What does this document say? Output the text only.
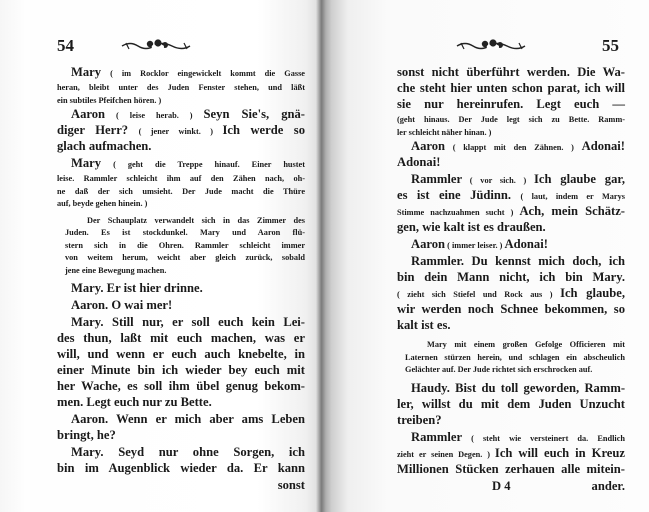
54
Mary ( im Rocklor eingewickelt kommt die Gasse
heran, bleibt unter des Juden Fenster stehen, und läßt
ein subtiles Pfeifchen hören. )
Aaron ( leise herab. ) Seyn Sie's, gnä-
diger Herr? ( jener winkt. ) Ich werde so
glach aufmachen.
Mary ( geht die Treppe hinauf. Einer hustet
leise. Rammler schleicht ihm auf den Zähen nach, oh-
ne daß der sich umsieht. Der Jude macht die Thüre
auf, beyde gehen hinein. )
Der Schauplatz verwandelt sich in das Zimmer des
Juden. Es ist stockdunkel. Mary und Aaron flü-
stern sich in die Ohren. Rammler schleicht immer
von weitem herum, weicht aber gleich zurück, sobald
jene eine Bewegung machen.
Mary. Er ist hier drinne.
Aaron. O wai mer!
Mary. Still nur, er soll euch kein Lei-
des thun, laßt mit euch machen, was er
will, und wenn er euch auch knebelte, in
einer Minute bin ich wieder bey euch mit
her Wache, es soll ihm übel genug bekom-
men. Legt euch nur zu Bette.
Aaron. Wenn er mich aber ams Leben
bringt, he?
Mary. Seyd nur ohne Sorgen, ich
bin im Augenblick wieder da. Er kann
sonst
55
sonst nicht überführt werden. Die Wa-
che steht hier unten schon parat, ich will
sie nur hereinrufen. Legt euch —
(geht hinaus. Der Jude legt sich zu Bette. Ramm-
ler schleicht näher hinan. )
Aaron ( klappt mit den Zähnen. ) Adonai!
Adonai!
Rammler ( vor sich. ) Ich glaube gar,
es ist eine Jüdinn. ( laut, indem er Marys
Stimme nachzuahmen sucht ) Ach, mein Schätz-
gen, wie kalt ist es draußen.
Aaron ( immer leiser. ) Adonai!
Rammler. Du kennst mich doch, ich
bin dein Mann nicht, ich bin Mary.
( zieht sich Stiefel und Rock aus ) Ich glaube,
wir werden noch Schnee bekommen, so
kalt ist es.
Mary mit einem großen Gefolge Officieren mit
Laternen stürzen herein, und schlagen ein abscheulich
Gelächter auf. Der Jude richtet sich erschrocken auf.
Haudy. Bist du toll geworden, Ramm-
ler, willst du mit dem Juden Unzucht
treiben?
Rammler ( steht wie versteinert da. Endlich
zieht er seinen Degen. ) Ich will euch in Kreuz
Millionen Stücken zerhauen alle mitein-
D 4	ander.
